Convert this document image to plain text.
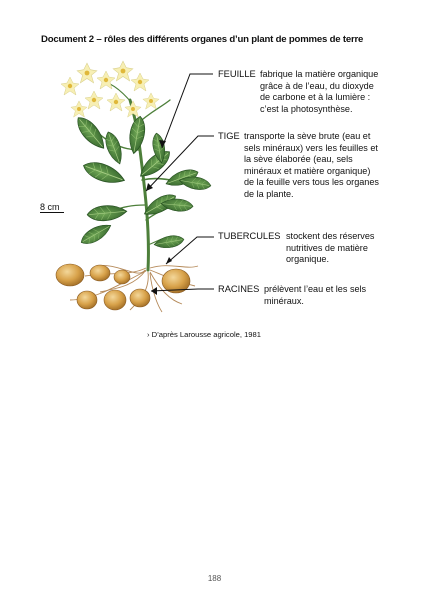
Document 2 – rôles des différents organes d’un plant de pommes de terre
FEUILLE fabrique la matière organique
grâce à de l’eau, du dioxyde
de carbone et à la lumière :
c’est la photosynthèse.
TIGE transporte la sève brute (eau et
sels minéraux) vers les feuilles et
la sève élaborée (eau, sels
minéraux et matière organique)
de la feuille vers tous les organes
de la plante.
TUBERCULES stockent des réserves
nutritives de matière
organique.
RACINES prélèvent l’eau et les sels
minéraux.
8 cm
› D’après Larousse agricole, 1981
188
